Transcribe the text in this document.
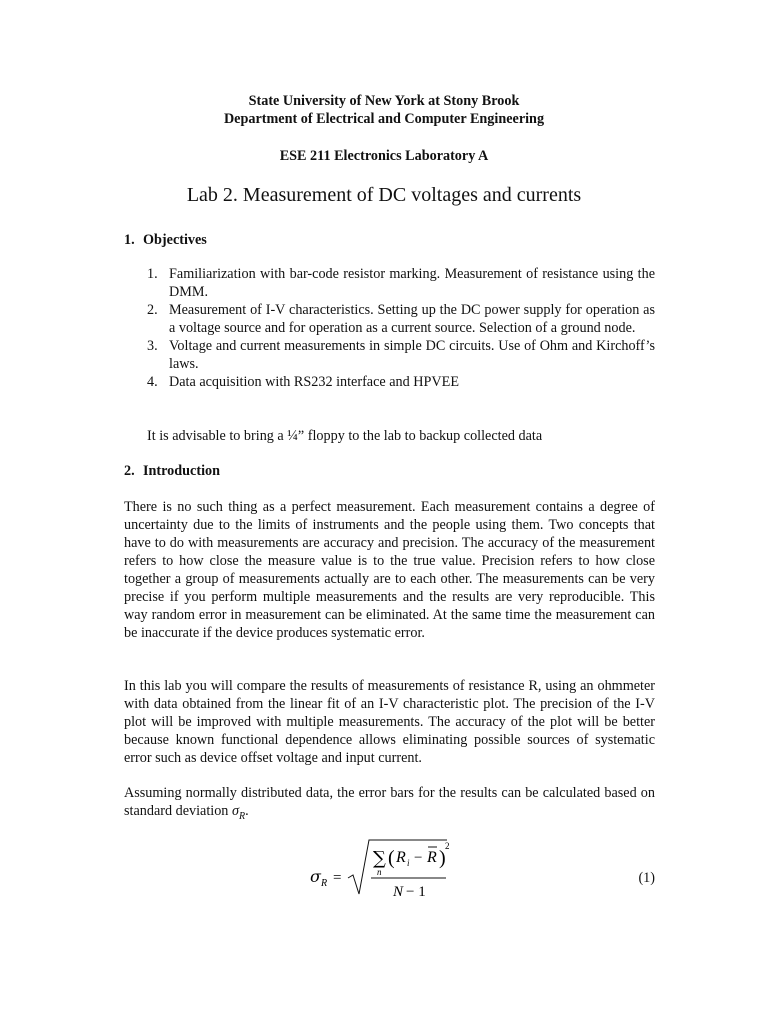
State University of New York at Stony Brook
Department of Electrical and Computer Engineering
ESE 211 Electronics Laboratory A
Lab 2. Measurement of DC voltages and currents
1. Objectives
1. Familiarization with bar-code resistor marking. Measurement of resistance using the DMM.
2. Measurement of I-V characteristics. Setting up the DC power supply for operation as a voltage source and for operation as a current source. Selection of a ground node.
3. Voltage and current measurements in simple DC circuits. Use of Ohm and Kirchoff’s laws.
4. Data acquisition with RS232 interface and HPVEE
It is advisable to bring a ¼” floppy to the lab to backup collected data
2. Introduction

There is no such thing as a perfect measurement. Each measurement contains a degree of uncertainty due to the limits of instruments and the people using them. Two concepts that have to do with measurements are accuracy and precision. The accuracy of the measurement refers to how close the measure value is to the true value. Precision refers to how close together a group of measurements actually are to each other. The measurements can be very precise if you perform multiple measurements and the results are very reproducible. This way random error in measurement can be eliminated. At the same time the measurement can be inaccurate if the device produces systematic error.

In this lab you will compare the results of measurements of resistance R, using an ohmmeter with data obtained from the linear fit of an I-V characteristic plot. The precision of the I-V plot will be improved with multiple measurements. The accuracy of the plot will be better because known functional dependence allows eliminating possible sources of systematic error such as device offset voltage and input current.

Assuming normally distributed data, the error bars for the results can be calculated based on standard deviation $\sigma_R$.

σ R =
∑
n
( R i − R )
2
N − 1
(1)
